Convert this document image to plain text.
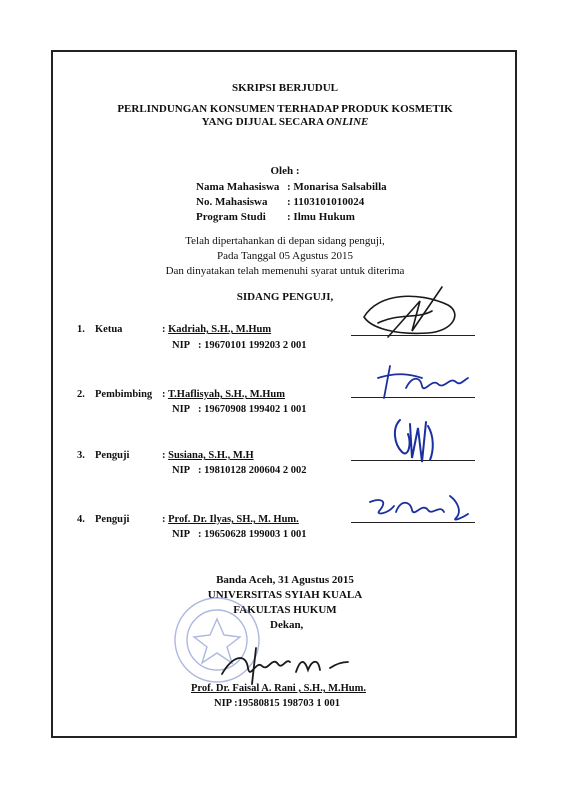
SKRIPSI BERJUDUL
PERLINDUNGAN KONSUMEN TERHADAP PRODUK KOSMETIK
YANG DIJUAL SECARA ONLINE
Oleh :
Nama Mahasiswa : Monarisa Salsabilla
No. Mahasiswa : 1103101010024
Program Studi : Ilmu Hukum
Telah dipertahankan di depan sidang penguji,
Pada Tanggal 05 Agustus 2015
Dan dinyatakan telah memenuhi syarat untuk diterima
SIDANG PENGUJI,
1. Ketua	: Kadriah, S.H., M.Hum
NIP : 19670101 199203 2 001
2. Pembimbing : T.Haflisyah, S.H., M.Hum
NIP : 19670908 199402 1 001
3. Penguji	: Susiana, S.H., M.H
NIP : 19810128 200604 2 002
4. Penguji	: Prof. Dr. Ilyas, SH., M. Hum.
NIP : 19650628 199003 1 001
Banda Aceh, 31 Agustus 2015
UNIVERSITAS SYIAH KUALA
FAKULTAS HUKUM
Dekan,
Prof. Dr. Faisal A. Rani , S.H., M.Hum.
NIP :19580815 198703 1 001
